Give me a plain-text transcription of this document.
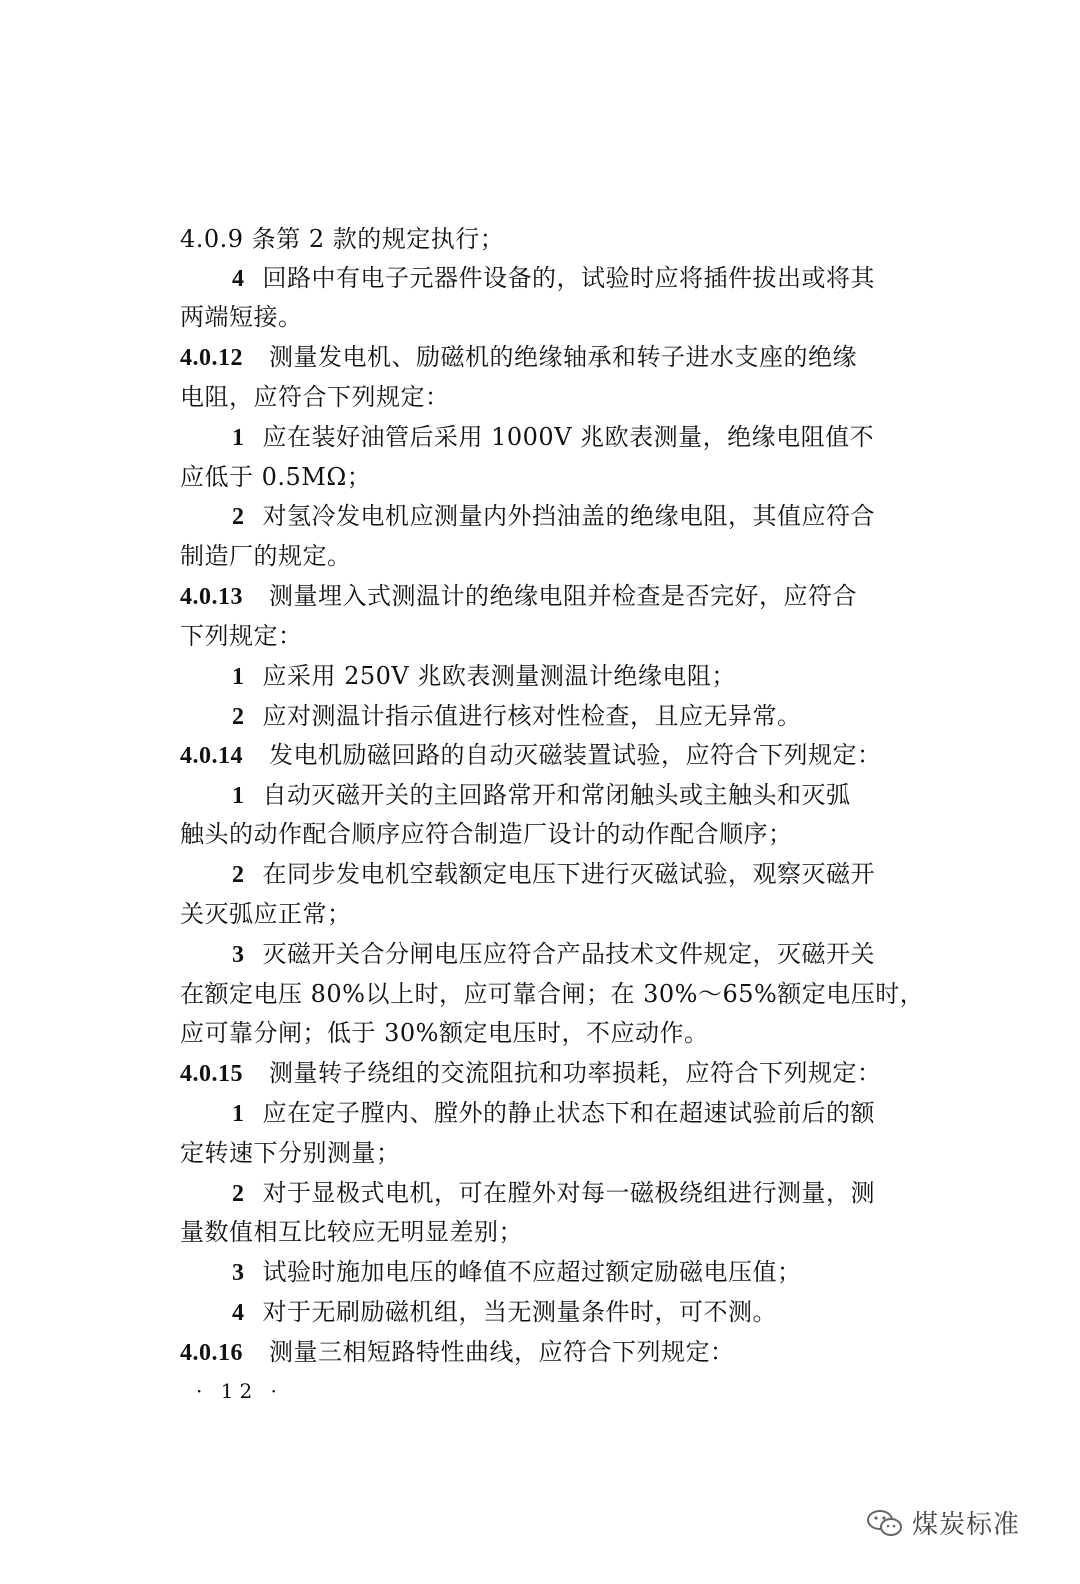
4.0.9 条第 2 款的规定执行；
4 回路中有电子元器件设备的，试验时应将插件拔出或将其
两端短接。
4.0.12 测量发电机、励磁机的绝缘轴承和转子进水支座的绝缘
电阻，应符合下列规定：
1 应在装好油管后采用 1000V 兆欧表测量，绝缘电阻值不
应低于 0.5MΩ；
2 对氢冷发电机应测量内外挡油盖的绝缘电阻，其值应符合
制造厂的规定。
4.0.13 测量埋入式测温计的绝缘电阻并检查是否完好，应符合
下列规定：
1 应采用 250V 兆欧表测量测温计绝缘电阻；
2 应对测温计指示值进行核对性检查，且应无异常。
4.0.14 发电机励磁回路的自动灭磁装置试验，应符合下列规定：
1 自动灭磁开关的主回路常开和常闭触头或主触头和灭弧
触头的动作配合顺序应符合制造厂设计的动作配合顺序；
2 在同步发电机空载额定电压下进行灭磁试验，观察灭磁开
关灭弧应正常；
3 灭磁开关合分闸电压应符合产品技术文件规定，灭磁开关
在额定电压 80%以上时，应可靠合闸；在 30%～65%额定电压时，
应可靠分闸；低于 30%额定电压时，不应动作。
4.0.15 测量转子绕组的交流阻抗和功率损耗，应符合下列规定：
1 应在定子膛内、膛外的静止状态下和在超速试验前后的额
定转速下分别测量；
2 对于显极式电机，可在膛外对每一磁极绕组进行测量，测
量数值相互比较应无明显差别；
3 试验时施加电压的峰值不应超过额定励磁电压值；
4 对于无刷励磁机组，当无测量条件时，可不测。
4.0.16 测量三相短路特性曲线，应符合下列规定：
· 12 ·
煤炭标准
